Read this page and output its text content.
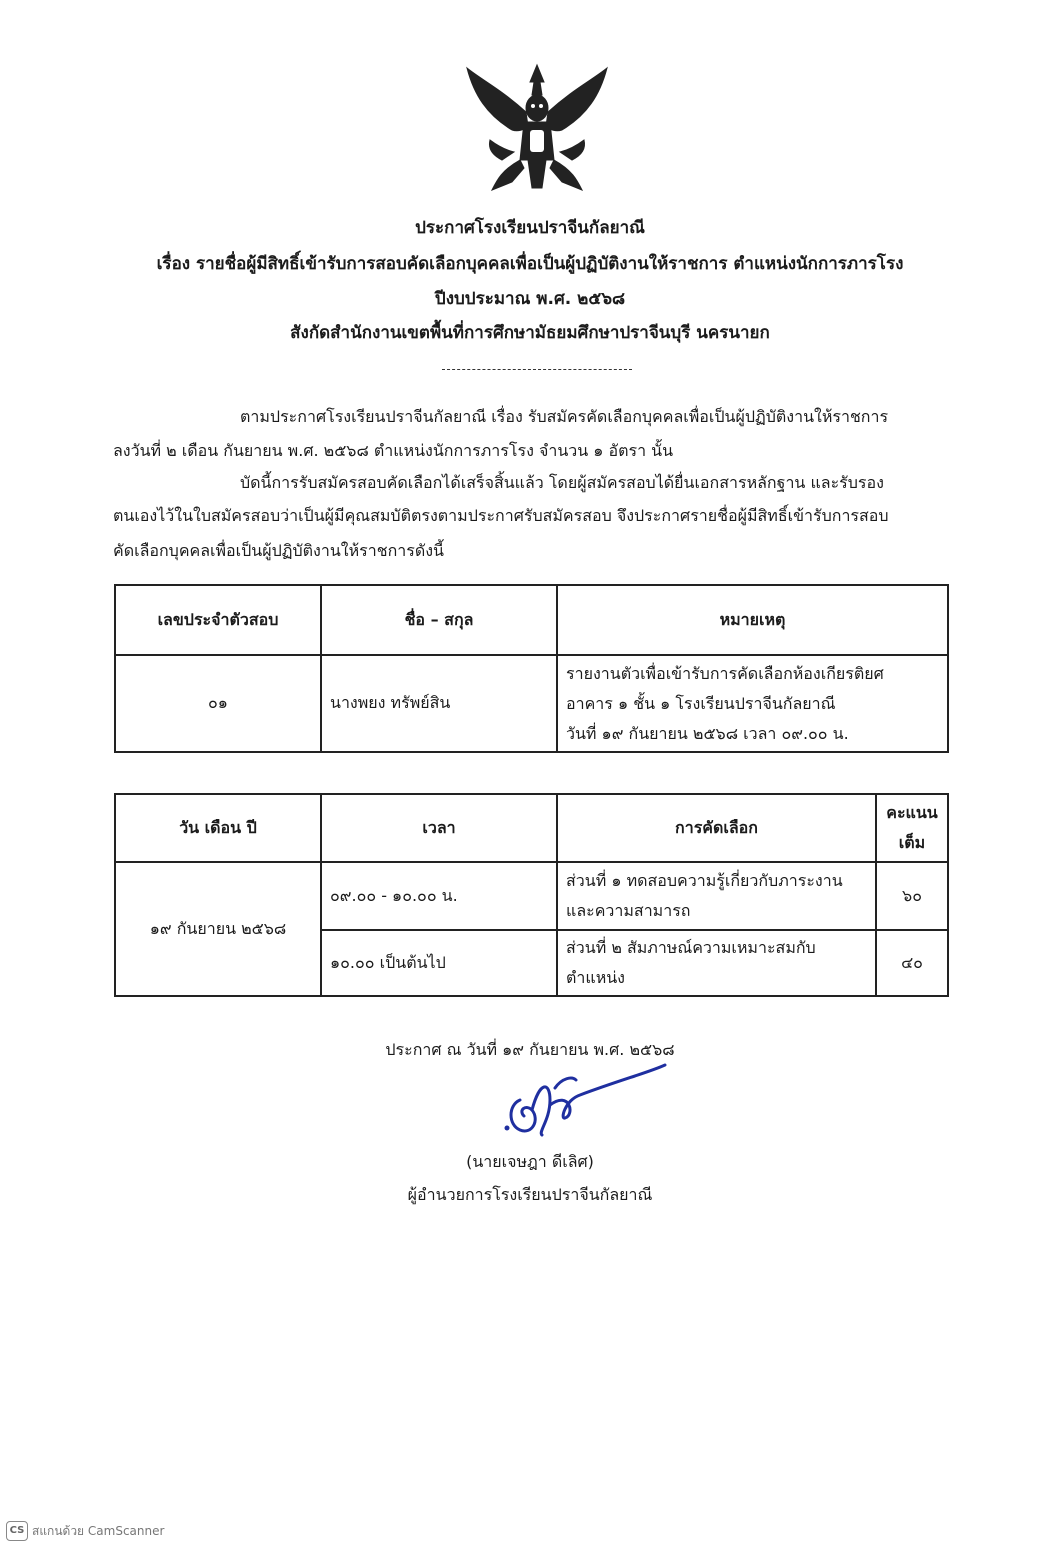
ประกาศโรงเรียนปราจีนกัลยาณี
เรื่อง รายชื่อผู้มีสิทธิ์เข้ารับการสอบคัดเลือกบุคคลเพื่อเป็นผู้ปฏิบัติงานให้ราชการ ตำแหน่งนักการภารโรง
ปีงบประมาณ พ.ศ. ๒๕๖๘
สังกัดสำนักงานเขตพื้นที่การศึกษามัธยมศึกษาปราจีนบุรี นครนายก
ตามประกาศโรงเรียนปราจีนกัลยาณี เรื่อง รับสมัครคัดเลือกบุคคลเพื่อเป็นผู้ปฏิบัติงานให้ราชการ
ลงวันที่ ๒ เดือน กันยายน พ.ศ. ๒๕๖๘ ตำแหน่งนักการภารโรง จำนวน ๑ อัตรา นั้น
บัดนี้การรับสมัครสอบคัดเลือกได้เสร็จสิ้นแล้ว โดยผู้สมัครสอบได้ยื่นเอกสารหลักฐาน และรับรอง
ตนเองไว้ในใบสมัครสอบว่าเป็นผู้มีคุณสมบัติตรงตามประกาศรับสมัครสอบ จึงประกาศรายชื่อผู้มีสิทธิ์เข้ารับการสอบ
คัดเลือกบุคคลเพื่อเป็นผู้ปฏิบัติงานให้ราชการดังนี้
เลขประจำตัวสอบ	ชื่อ – สกุล	หมายเหตุ
๐๑	นางพยง ทรัพย์สิน	รายงานตัวเพื่อเข้ารับการคัดเลือกห้องเกียรติยศ
อาคาร ๑ ชั้น ๑ โรงเรียนปราจีนกัลยาณี
วันที่ ๑๙ กันยายน ๒๕๖๘ เวลา ๐๙.๐๐ น.
วัน เดือน ปี	เวลา	การคัดเลือก	คะแนน
เต็ม

๑๙ กันยายน ๒๕๖๘	๐๙.๐๐ - ๑๐.๐๐ น.	ส่วนที่ ๑ ทดสอบความรู้เกี่ยวกับภาระงาน
และความสามารถ	๖๐
	๑๐.๐๐ เป็นต้นไป	ส่วนที่ ๒ สัมภาษณ์ความเหมาะสมกับ
ตำแหน่ง	๔๐
ประกาศ ณ วันที่ ๑๙ กันยายน พ.ศ. ๒๕๖๘
(นายเจษฎา ดีเลิศ)
ผู้อำนวยการโรงเรียนปราจีนกัลยาณี
CS สแกนด้วย CamScanner
